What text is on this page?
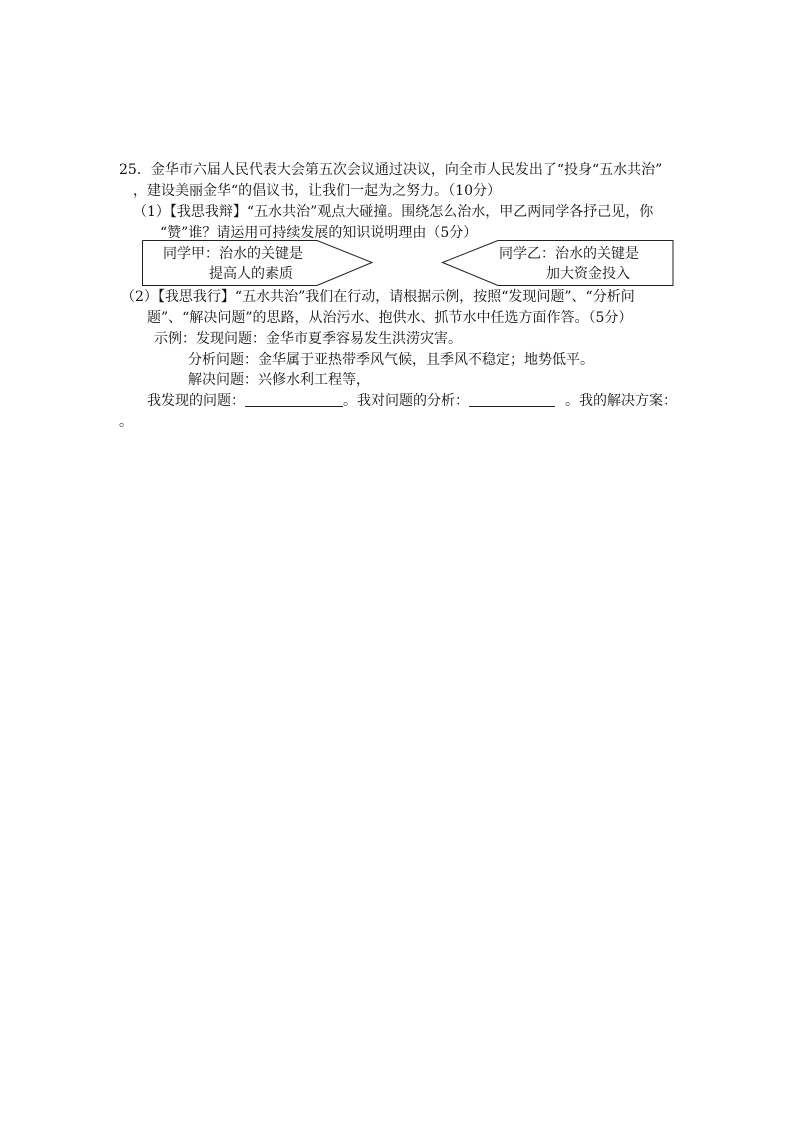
25．金华市六届人民代表大会第五次会议通过决议，向全市人民发出了“投身“五水共治”
，建设美丽金华“的倡议书，让我们一起为之努力。（10分）
（1）【我思我辩】“五水共治”观点大碰撞。围绕怎么治水，甲乙两同学各抒己见，你
“赞”谁？请运用可持续发展的知识说明理由（5分）
同学甲：治水的关键是
提高人的素质
同学乙：治水的关键是
加大资金投入
（2）【我思我行】“五水共治”我们在行动，请根据示例，按照“发现问题”、“分析问
题”、“解决问题”的思路，从治污水、抱供水、抓节水中任选方面作答。（5分）
示例：发现问题：金华市夏季容易发生洪涝灾害。
分析问题：金华属于亚热带季风气候，且季风不稳定；地势低平。
解决问题：兴修水利工程等，
我发现的问题：	。我对问题的分析：	。我的解决方案：
。
